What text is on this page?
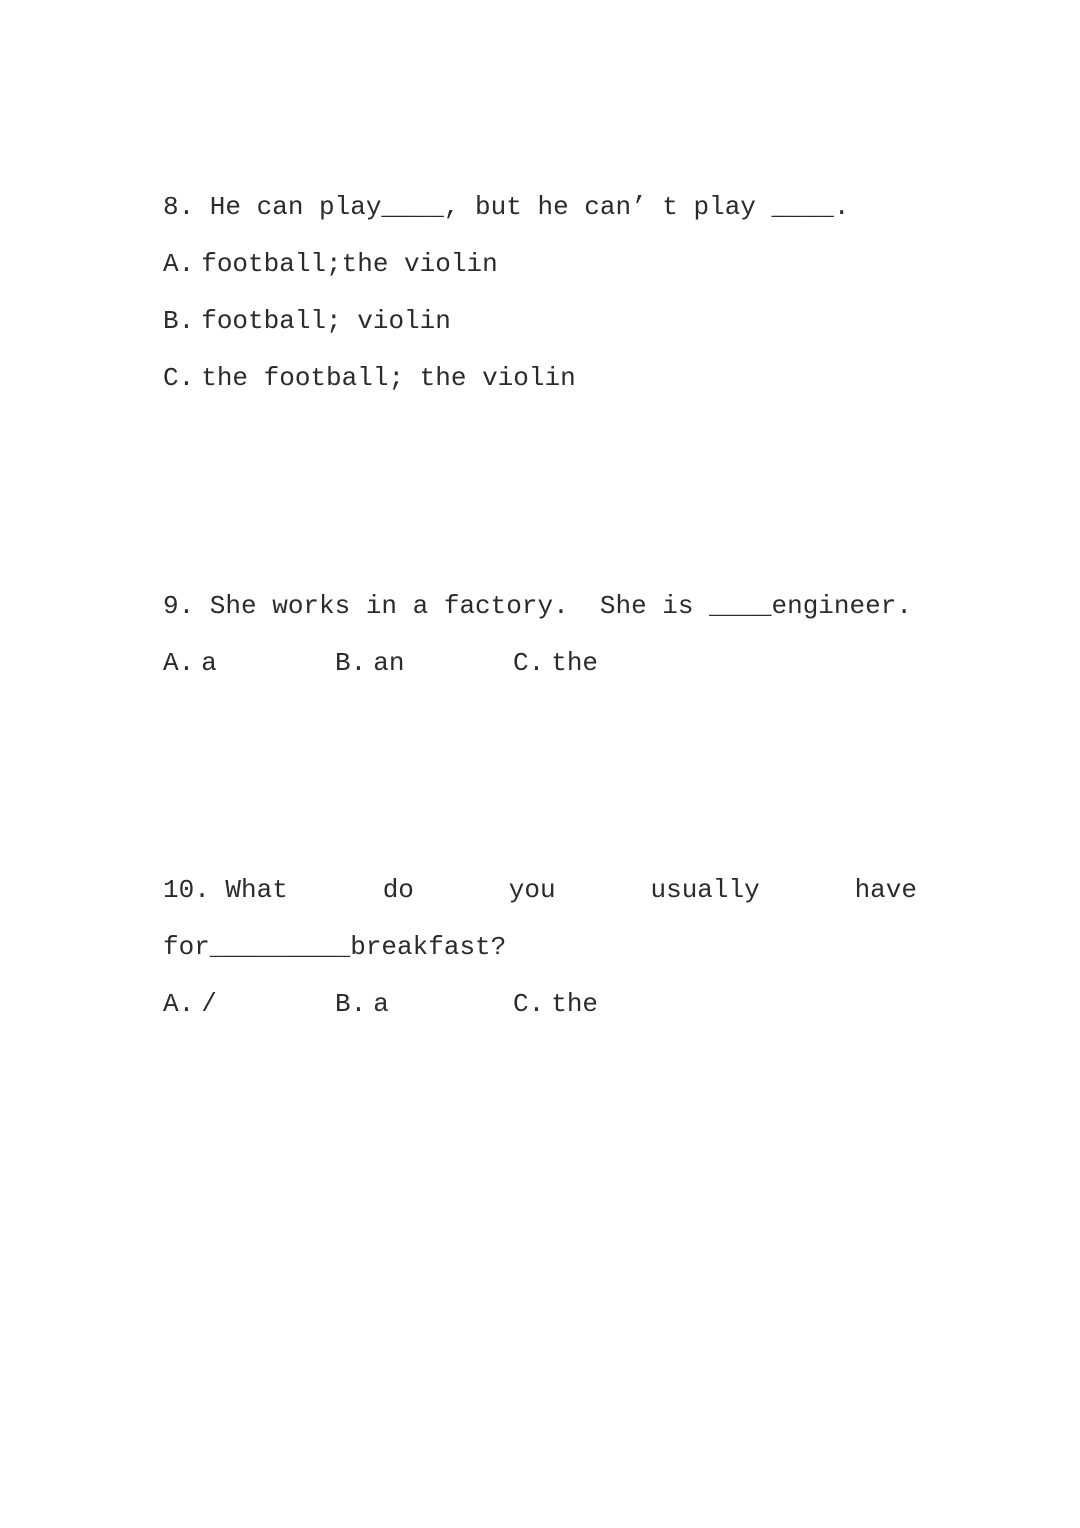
8. He can play____, but he can’ t play ____.

A. football;the violin

B. football; violin

C. the football; the violin

9. She works in a factory.  She is ____engineer.

A. a	B. an	C. the

10. What	do	you	usually	have

for_________breakfast?

A. /	B. a	C. the
